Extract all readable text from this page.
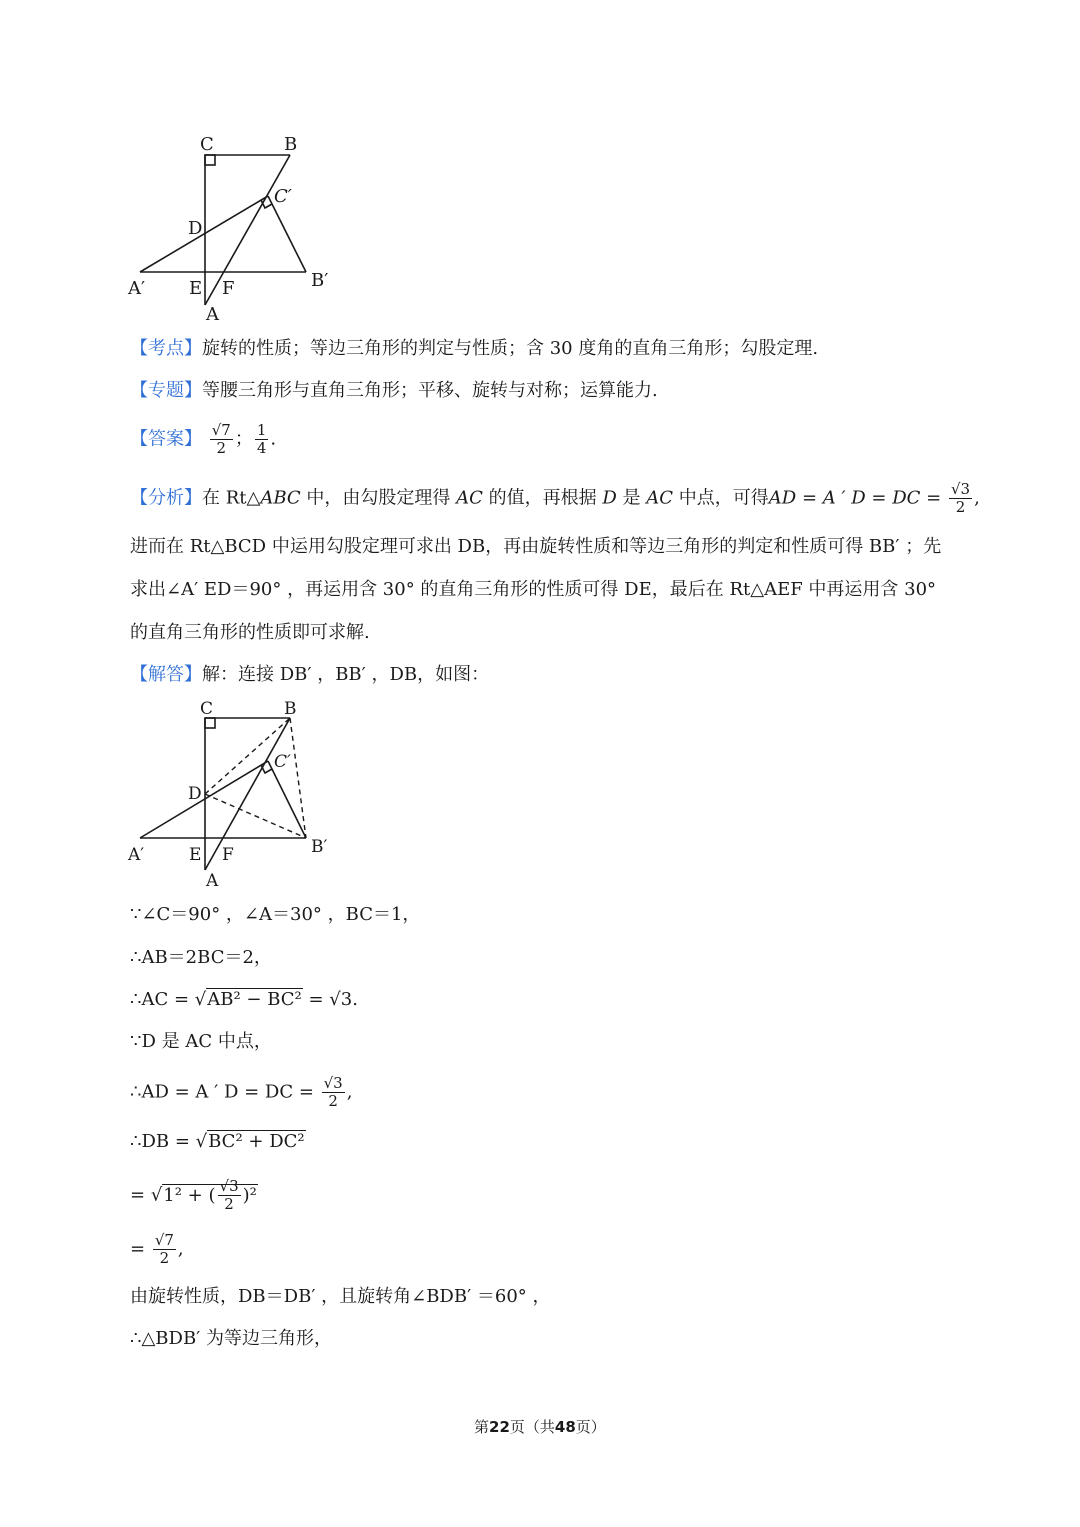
C	B
C′
D
A′ E F
A
B′
【考点】旋转的性质；等边三角形的判定与性质；含 30 度角的直角三角形；勾股定理.
【专题】等腰三角形与直角三角形；平移、旋转与对称；运算能力.
【答案】 $\frac{√7}{2}$ ； $\frac{1}{4}$ .
【分析】在 Rt△ABC 中，由勾股定理得 AC 的值，再根据 D 是 AC 中点，可得AD = A ′ D = DC = $\frac{√3}{2}$ ,
进而在 Rt△BCD 中运用勾股定理可求出 DB，再由旋转性质和等边三角形的判定和性质可得 BB′ ；先
求出∠A′ ED＝90° ，再运用含 30° 的直角三角形的性质可得 DE，最后在 Rt△AEF 中再运用含 30°
的直角三角形的性质即可求解.
【解答】解：连接 DB′ ，BB′ ，DB，如图：
C	B
C′
D
A′	E F
A
B′
∵∠C＝90° ，∠A＝30° ，BC＝1，
∴AB＝2BC＝2，
∴AC = √AB² − BC² = √3.
∵D 是 AC 中点，
∴AD = A ′ D = DC = $\frac{√3}{2}$ ,
∴DB = √BC² + DC²
= √1² + ( $\frac{√3}{2} )^2$
= $\frac{√7}{2}$ ,
由旋转性质，DB＝DB′ ，且旋转角∠BDB′ ＝60° ，
∴△BDB′ 为等边三角形，
第22页（共48页）
